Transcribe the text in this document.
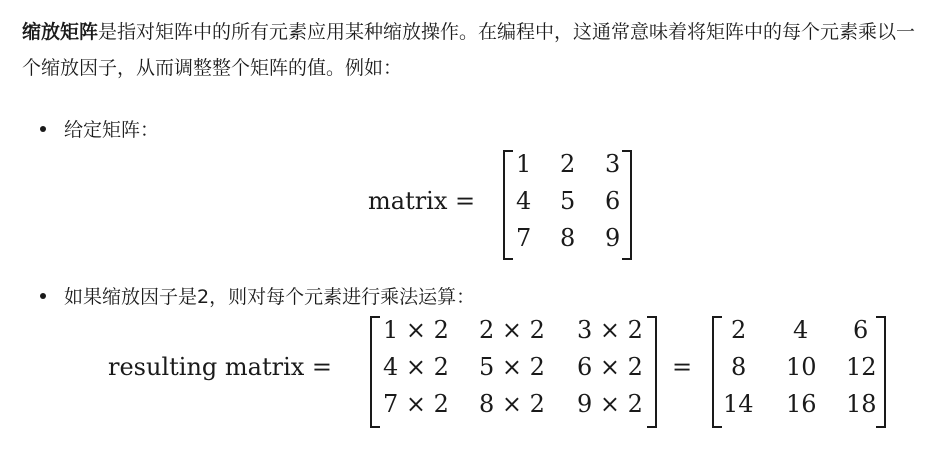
缩放矩阵是指对矩阵中的所有元素应用某种缩放操作。在编程中，这通常意味着将矩阵中的每个元素乘以一个缩放因子，从而调整整个矩阵的值。例如：

给定矩阵：
matrix =
1 2 3
4 5 6
7 8 9
如果缩放因子是2，则对每个元素进行乘法运算：
resulting matrix =
1 × 2 2 × 2 3 × 2
4 × 2 5 × 2 6 × 2
7 × 2 8 × 2 9 × 2
=
2 4 6
8 10 12
14 16 18
